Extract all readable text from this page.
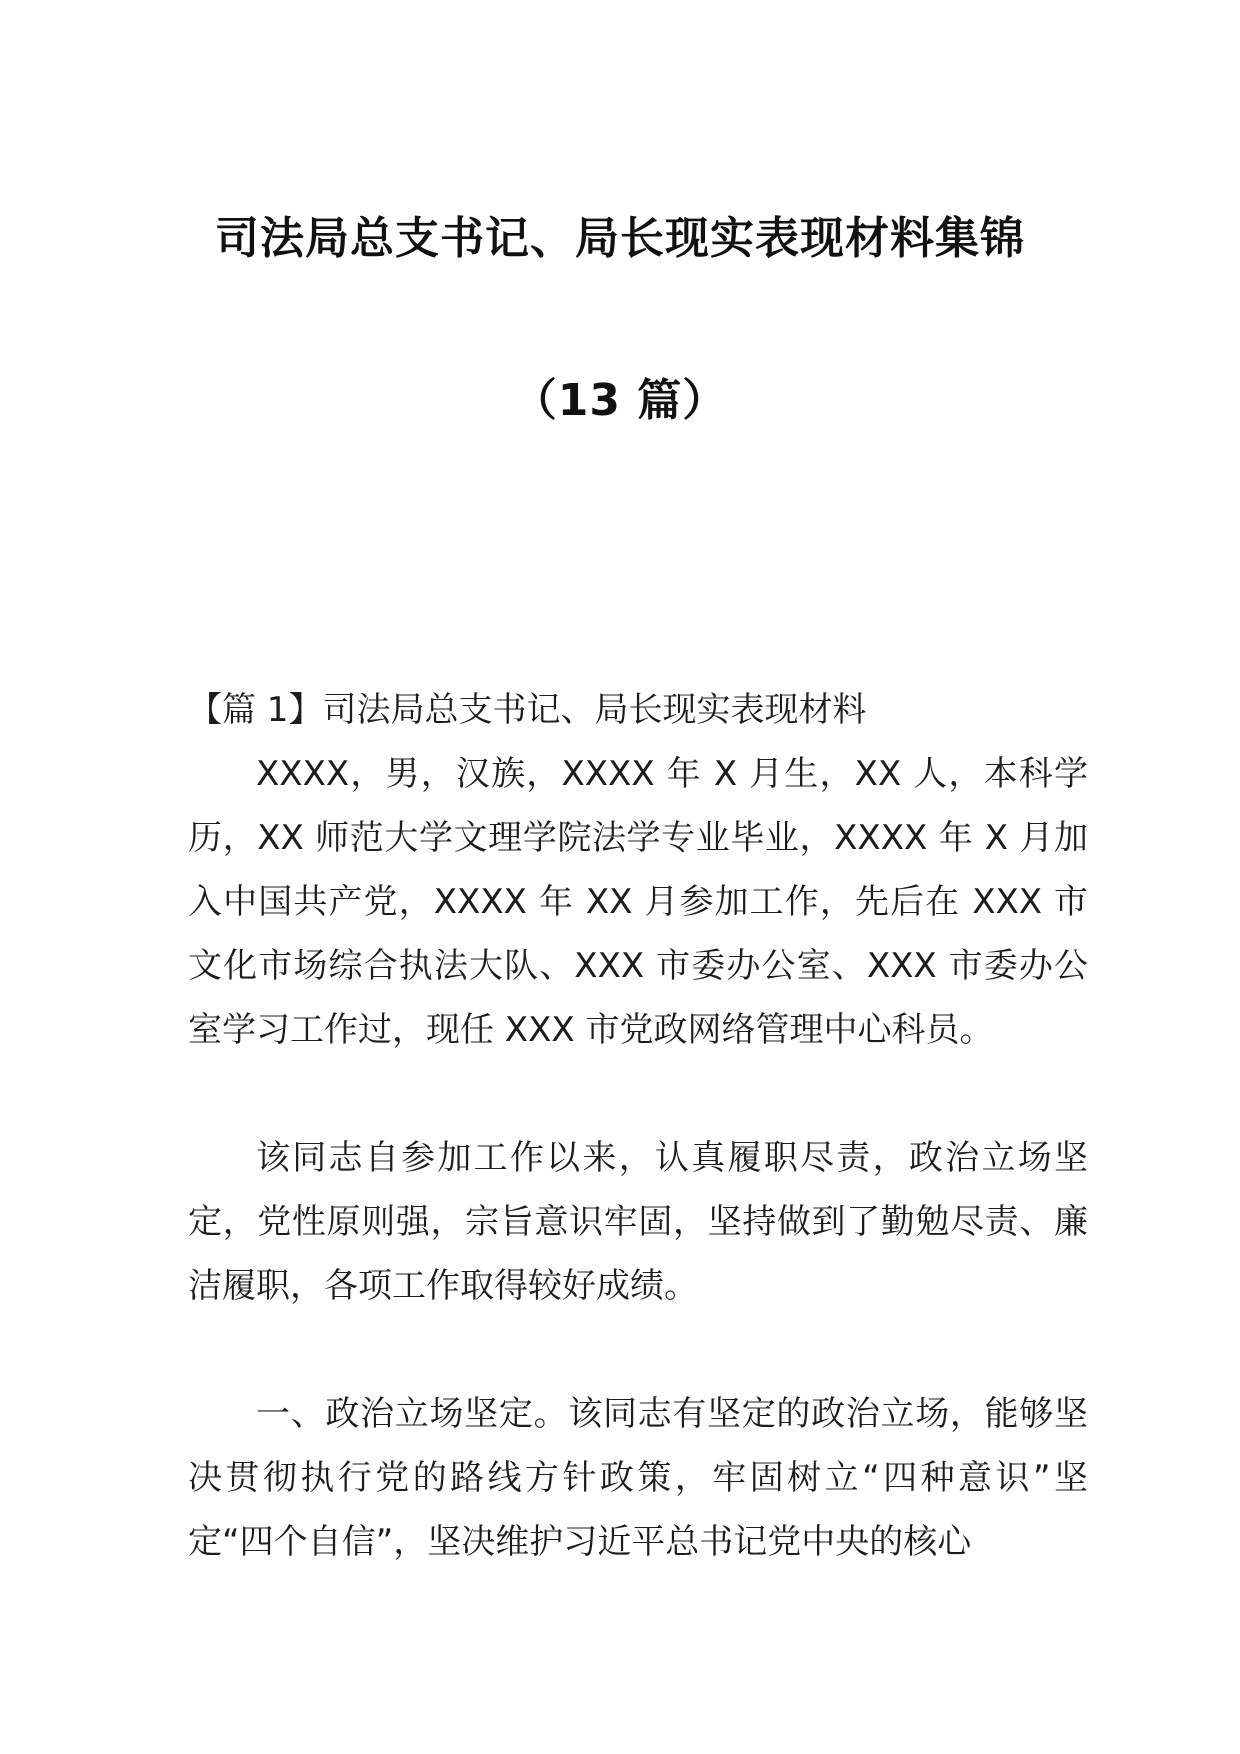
司法局总支书记、局长现实表现材料集锦
（13 篇）

【篇 1】司法局总支书记、局长现实表现材料

XXXX，男，汉族，XXXX 年 X 月生，XX 人，本科学历，XX 师范大学文理学院法学专业毕业，XXXX 年 X 月加入中国共产党，XXXX 年 XX 月参加工作，先后在 XXX 市文化市场综合执法大队、XXX 市委办公室、XXX 市委办公室学习工作过，现任 XXX 市党政网络管理中心科员。

该同志自参加工作以来，认真履职尽责，政治立场坚定，党性原则强，宗旨意识牢固，坚持做到了勤勉尽责、廉洁履职，各项工作取得较好成绩。

一、政治立场坚定。该同志有坚定的政治立场，能够坚决贯彻执行党的路线方针政策，牢固树立“四种意识”坚定“四个自信”，坚决维护习近平总书记党中央的核心
